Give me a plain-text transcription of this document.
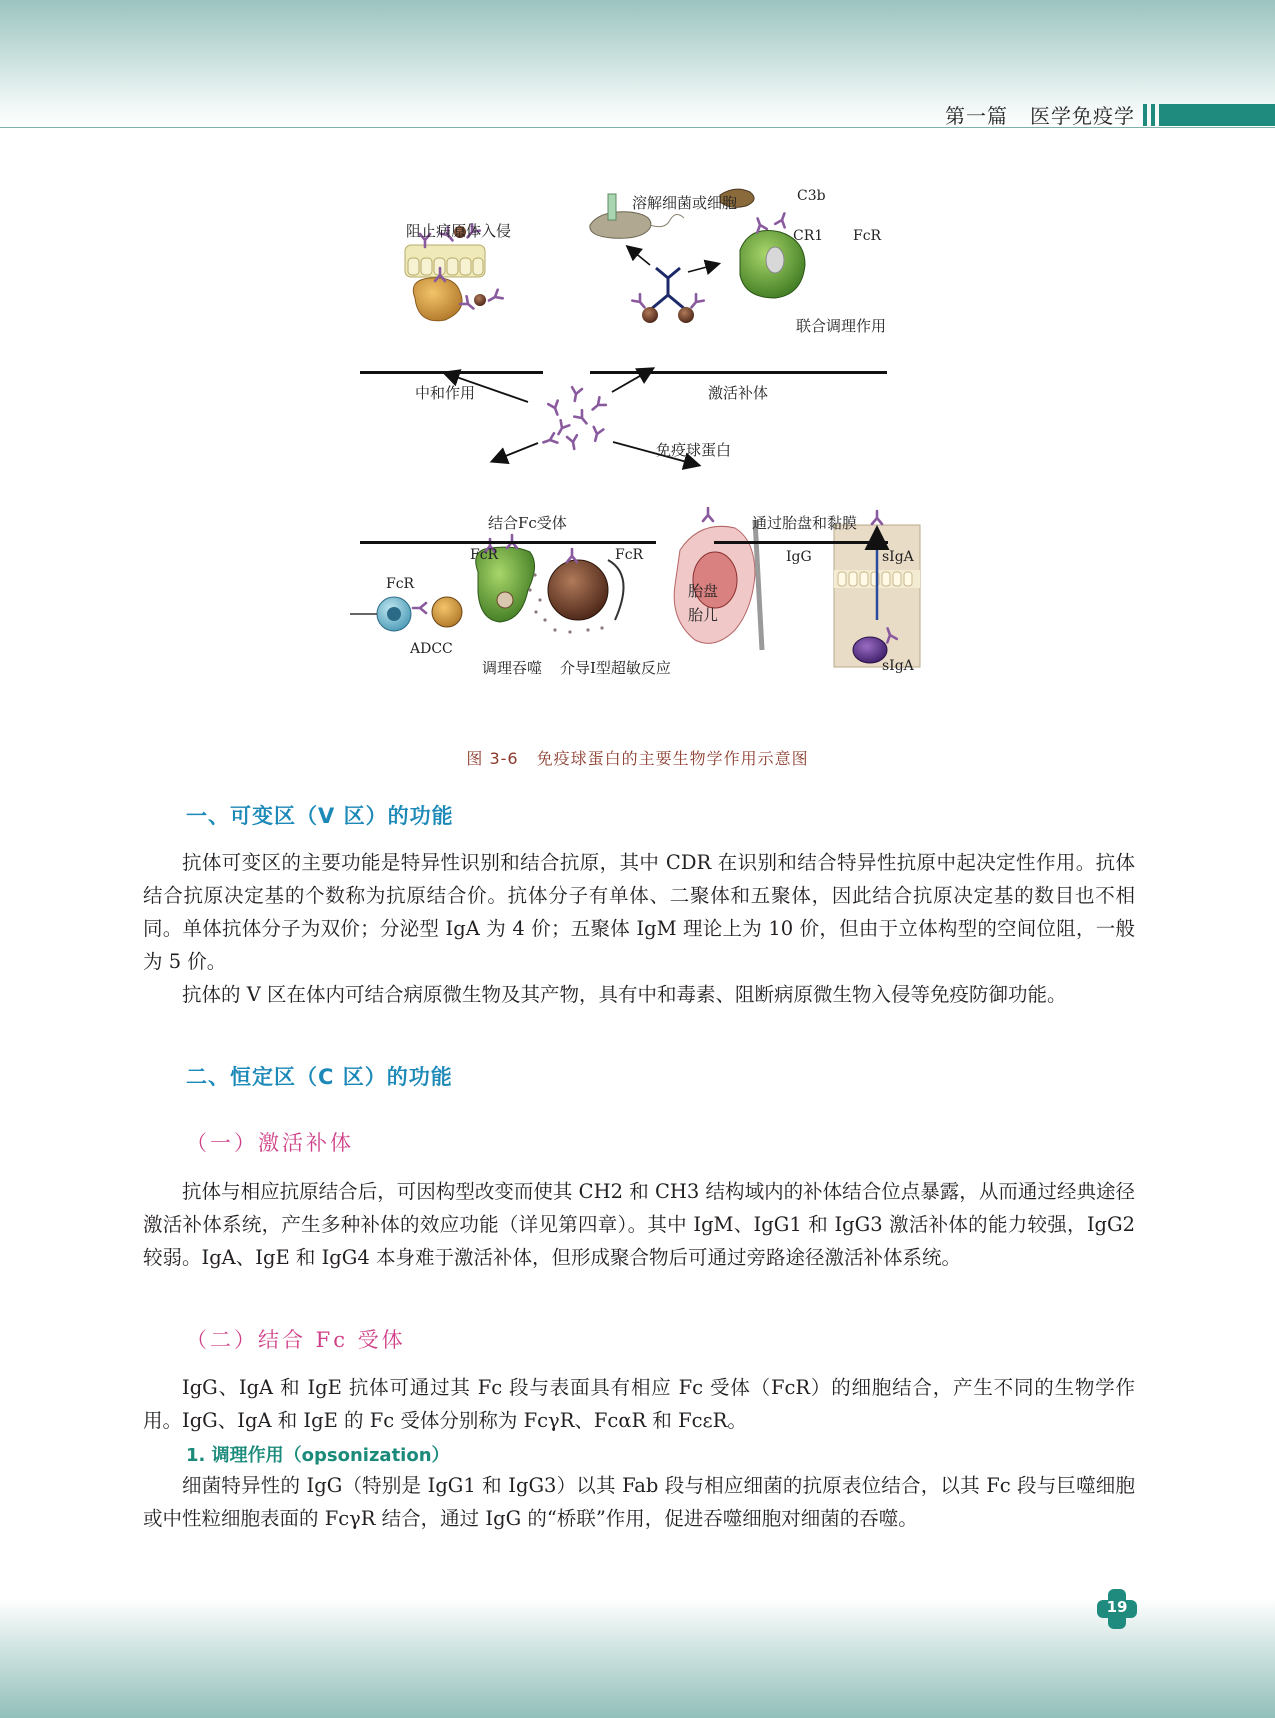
第一篇 医学免疫学
阻止病原体入侵
中和作用
溶解细菌或细胞	C3b
CR1 FcR
联合调理作用
激活补体
免疫球蛋白
结合Fc受体	通过胎盘和黏膜
FcR	FcR
FcR
ADCC
调理吞噬 介导Ⅰ型超敏反应
IgG
胎盘
胎儿
sIgA
sIgA
图 3-6 免疫球蛋白的主要生物学作用示意图
一、可变区（V 区）的功能
抗体可变区的主要功能是特异性识别和结合抗原，其中 CDR 在识别和结合特异性抗原中起决定性作用。抗体结合抗原决定基的个数称为抗原结合价。抗体分子有单体、二聚体和五聚体，因此结合抗原决定基的数目也不相同。单体抗体分子为双价；分泌型 IgA 为 4 价；五聚体 IgM 理论上为 10 价，但由于立体构型的空间位阻，一般为 5 价。
抗体的 V 区在体内可结合病原微生物及其产物，具有中和毒素、阻断病原微生物入侵等免疫防御功能。
二、恒定区（C 区）的功能
（一）激活补体
抗体与相应抗原结合后，可因构型改变而使其 CH2 和 CH3 结构域内的补体结合位点暴露，从而通过经典途径激活补体系统，产生多种补体的效应功能（详见第四章）。其中 IgM、IgG1 和 IgG3 激活补体的能力较强，IgG2 较弱。IgA、IgE 和 IgG4 本身难于激活补体，但形成聚合物后可通过旁路途径激活补体系统。
（二）结合 Fc 受体
IgG、IgA 和 IgE 抗体可通过其 Fc 段与表面具有相应 Fc 受体（FcR）的细胞结合，产生不同的生物学作用。IgG、IgA 和 IgE 的 Fc 受体分别称为 FcγR、FcαR 和 FcεR。
1. 调理作用（opsonization）
细菌特异性的 IgG（特别是 IgG1 和 IgG3）以其 Fab 段与相应细菌的抗原表位结合，以其 Fc 段与巨噬细胞或中性粒细胞表面的 FcγR 结合，通过 IgG 的“桥联”作用，促进吞噬细胞对细菌的吞噬。
19
